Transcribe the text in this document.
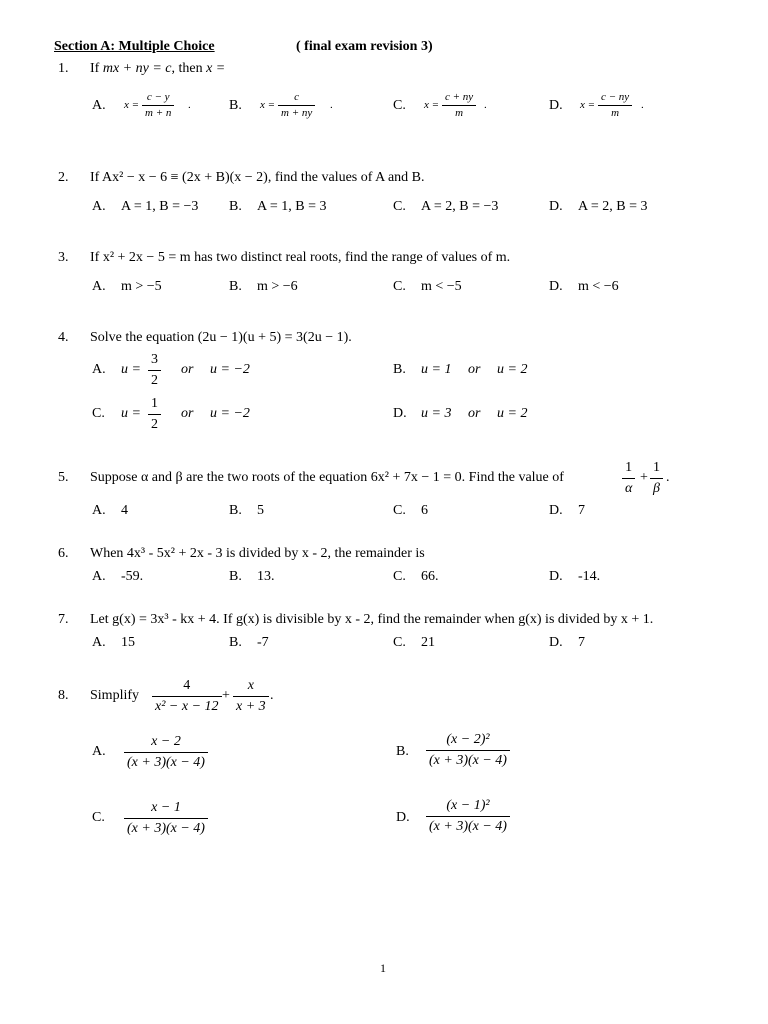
Section A: Multiple Choice	( final exam revision 3)
1. If mx + ny = c, then x =
A. x =
c − y
m + n
.	B. x =
c
m + ny
.	C. x =
c + ny
m
.	D. x =
c − ny
m
.
2. If Ax² − x − 6 ≡ (2x + B)(x − 2), find the values of A and B.
A. A = 1, B = −3 B. A = 1, B = 3	C. A = 2, B = −3	D. A = 2, B = 3
3. If x² + 2x − 5 = m has two distinct real roots, find the range of values of m.
A. m > −5	B. m > −6	C. m < −5	D. m < −6
4. Solve the equation (2u − 1)(u + 5) = 3(2u − 1).
A. u =
3
2
or u = −2	B. u = 1 or u = 2
C. u =
1
2
or u = −2	D. u = 3 or u = 2
5. Suppose α and β are the two roots of the equation 6x² + 7x − 1 = 0. Find the value of
1
α
+
1
β
.
A. 4	B. 5	C. 6	D. 7
6. When 4x³ - 5x² + 2x - 3 is divided by x - 2, the remainder is
A. -59.	B. 13.	C. 66.	D. -14.
7. Let g(x) = 3x³ - kx + 4. If g(x) is divisible by x - 2, find the remainder when g(x) is divided by x + 1.
A. 15	B. -7	C. 21	D. 7
8. Simplify
4
x² − x − 12
+
x
x + 3
.
A.
x − 2
(x + 3)(x − 4)
B.
(x − 2)²
(x + 3)(x − 4)
C.
x − 1
(x + 3)(x − 4)
D.
(x − 1)²
(x + 3)(x − 4)
1
